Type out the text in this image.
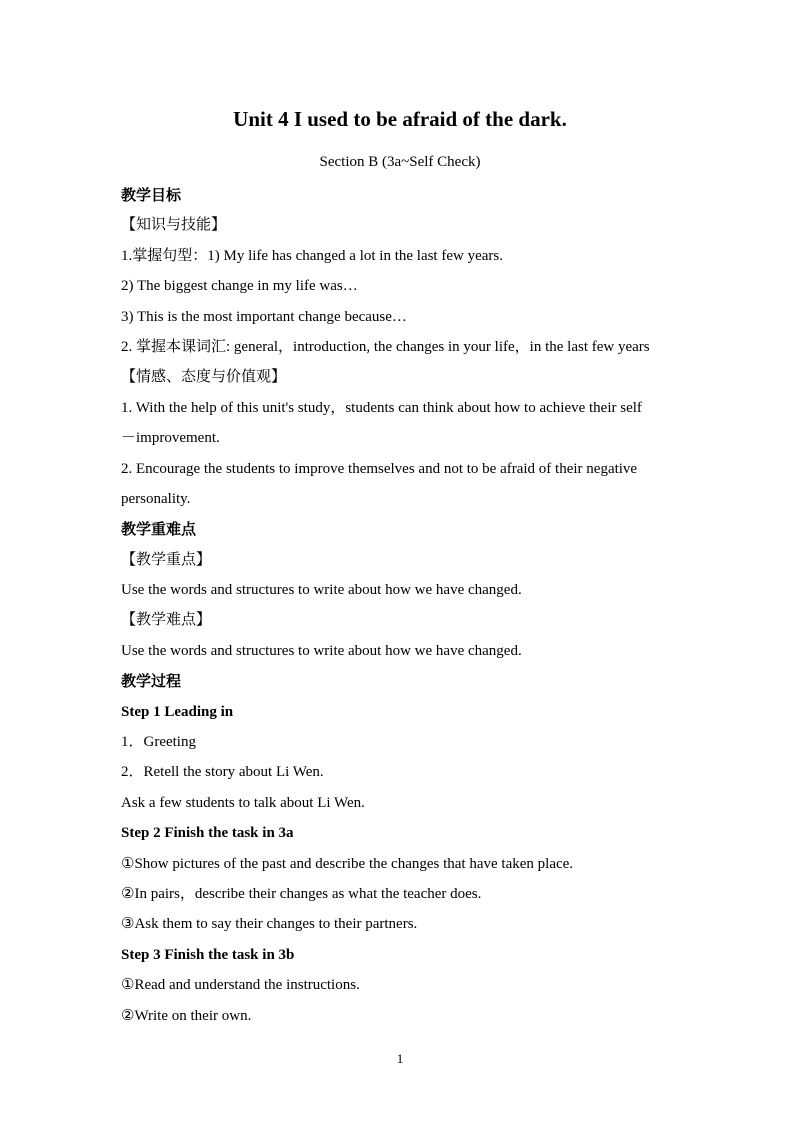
Unit 4 I used to be afraid of the dark.

Section B (3a~Self Check)

教学目标

【知识与技能】

1.掌握句型：1) My life has changed a lot in the last few years.

2) The biggest change in my life was…

3) This is the most important change because…

2. 掌握本课词汇: general，introduction, the changes in your life，in the last few years

【情感、态度与价值观】

1. With the help of this unit's study，students can think about how to achieve their self

－improvement.

2. Encourage the students to improve themselves and not to be afraid of their negative

personality.

教学重难点

【教学重点】

Use the words and structures to write about how we have changed.

【教学难点】

Use the words and structures to write about how we have changed.

教学过程

Step 1 Leading in

1．Greeting

2．Retell the story about Li Wen.

Ask a few students to talk about Li Wen.

Step 2 Finish the task in 3a

①Show pictures of the past and describe the changes that have taken place.

②In pairs，describe their changes as what the teacher does.

③Ask them to say their changes to their partners.

Step 3 Finish the task in 3b

①Read and understand the instructions.

②Write on their own.

1
